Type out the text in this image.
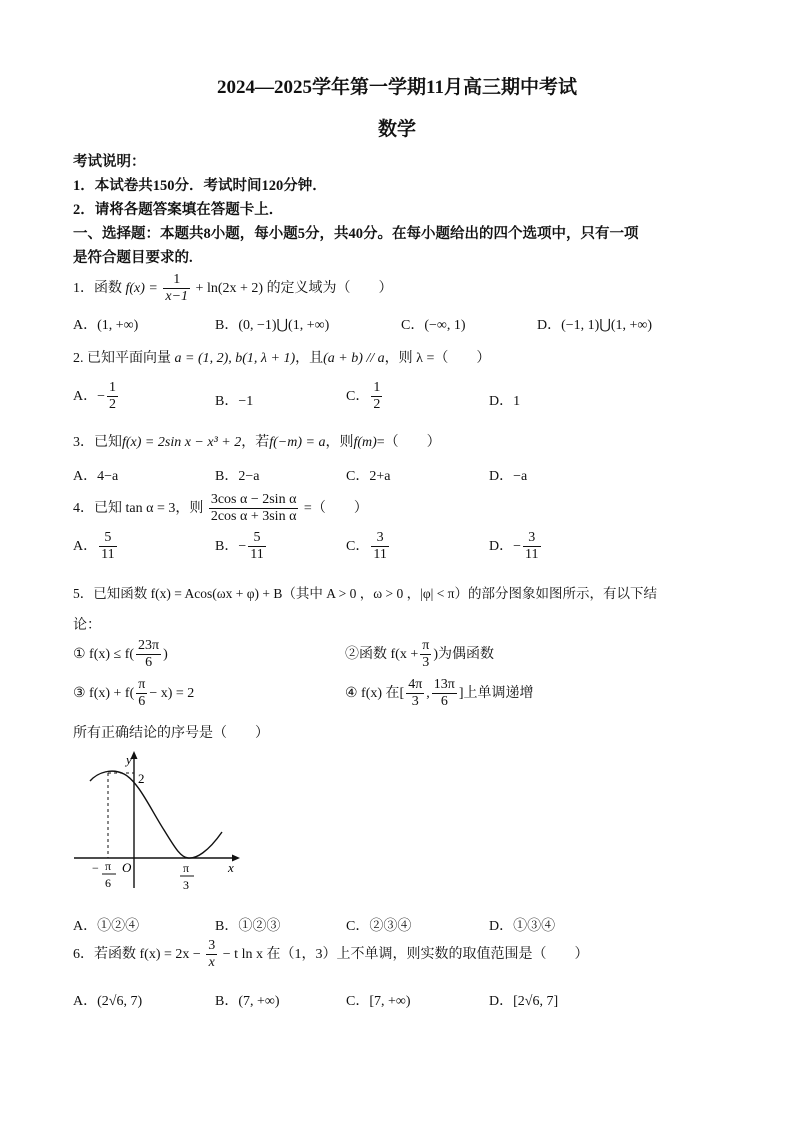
2024—2025学年第一学期11月高三期中考试
数学
考试说明：
1．本试卷共150分．考试时间120分钟．
2．请将各题答案填在答题卡上．
一、选择题：本题共8小题，每小题5分，共40分。在每小题给出的四个选项中，只有一项
是符合题目要求的.
1．函数 $f(x) = \frac{1}{x-1} + \ln(2x + 2)$ 的定义域为（　　）
A．(1, +∞)	B．(0, −1)⋃(1, +∞)	C．(−∞, 1)	D．(−1, 1)⋃(1, +∞)
2. 已知平面向量 a = (1, 2), b(1, λ + 1)，且(a + b) // a，则 λ =（　　）
A．− $\frac{1}{2}$	B．−1	C． $\frac{1}{2}$	D．1
3．已知f(x) = 2sin x − x³ + 2，若f(−m) = a，则f(m)=（　　）
A．4−a	B．2−a	C．2+a	D．−a
4．已知 tan α = 3，则 $\frac{\text{3cos α − 2sin α}}{\text{2cos α + 3sin α}}$ =（　　）
A． $\frac{5}{11}$	B．− $\frac{5}{11}$	C． $\frac{3}{11}$	D．− $\frac{3}{11}$
5．已知函数 f(x) = Acos(ωx + φ) + B（其中 A > 0 ，ω > 0 ，|φ| < π）的部分图象如图所示，有以下结
论：
① $f(x) \le f( \frac{23\pi}{6}$ )	②函数 $f(x + \frac{\pi}{3}$ )为偶函数
③ $f(x) + f( \frac{\pi}{6} - x) = 2$	④ f(x) 在[ $\frac{4\pi}{3}$ , $\frac{13\pi}{6}$ ]上单调递增
所有正确结论的序号是（　　）
y
2
x
O
− π
6
π
3
A．①②④	B．①②③	C．②③④	D．①③④
6．若函数 $f(x) = 2x - \frac{3}{x} - t$ ln x 在（1，3）上不单调，则实数的取值范围是（　　）
A．(2√6, 7)	B．(7, +∞)	C．[7, +∞)	D．[2√6, 7]
